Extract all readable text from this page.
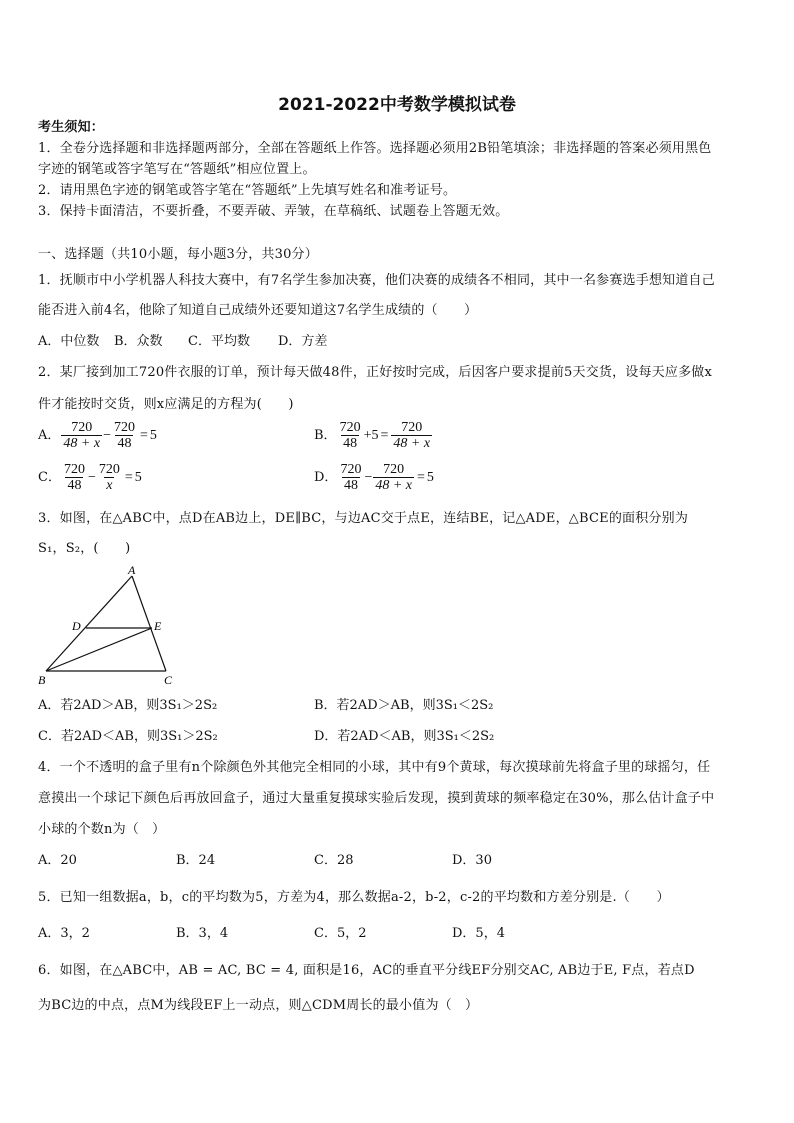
2021-2022中考数学模拟试卷
考生须知：
1．全卷分选择题和非选择题两部分，全部在答题纸上作答。选择题必须用2B铅笔填涂；非选择题的答案必须用黑色
字迹的钢笔或答字笔写在“答题纸”相应位置上。
2．请用黑色字迹的钢笔或答字笔在“答题纸”上先填写姓名和准考证号。
3．保持卡面清洁，不要折叠，不要弄破、弄皱，在草稿纸、试题卷上答题无效。
一、选择题（共10小题，每小题3分，共30分）
1．抚顺市中小学机器人科技大赛中，有7名学生参加决赛，他们决赛的成绩各不相同，其中一名参赛选手想知道自己
能否进入前4名，他除了知道自己成绩外还要知道这7名学生成绩的（　　）
A．中位数 B．众数 C．平均数 D．方差
2．某厂接到加工720件衣服的订单，预计每天做48件，正好按时完成，后因客户要求提前5天交货，设每天应多做x
件才能按时交货，则x应满足的方程为(　　)
A． $\frac{720}{48 + x} - \frac{720}{48} = 5$	B． $\frac{720}{48} + 5 = \frac{720}{48 + x}$
C． $\frac{720}{48} - \frac{720}{x} = 5$	D． $\frac{720}{48} - \frac{720}{48 + x} = 5$
3．如图，在△ABC中，点D在AB边上，DE∥BC，与边AC交于点E，连结BE，记△ADE，△BCE的面积分别为
S₁，S₂，(　　)
A
B	C
D	E
A．若2AD＞AB，则3S₁＞2S₂	B．若2AD＞AB，则3S₁＜2S₂
C．若2AD＜AB，则3S₁＞2S₂	D．若2AD＜AB，则3S₁＜2S₂
4．一个不透明的盒子里有n个除颜色外其他完全相同的小球，其中有9个黄球，每次摸球前先将盒子里的球摇匀，任
意摸出一个球记下颜色后再放回盒子，通过大量重复摸球实验后发现，摸到黄球的频率稳定在30%，那么估计盒子中
小球的个数n为（　）
A．20	B．24	C．28	D．30
5．已知一组数据a，b，c的平均数为5，方差为4，那么数据a-2，b-2，c-2的平均数和方差分别是.（　　）
A．3，2	B．3，4	C．5，2	D．5，4
6．如图，在△ABC中，AB = AC, BC = 4, 面积是16，AC的垂直平分线EF分别交AC, AB边于E, F点，若点D
为BC边的中点，点M为线段EF上一动点，则△CDM周长的最小值为（　）
